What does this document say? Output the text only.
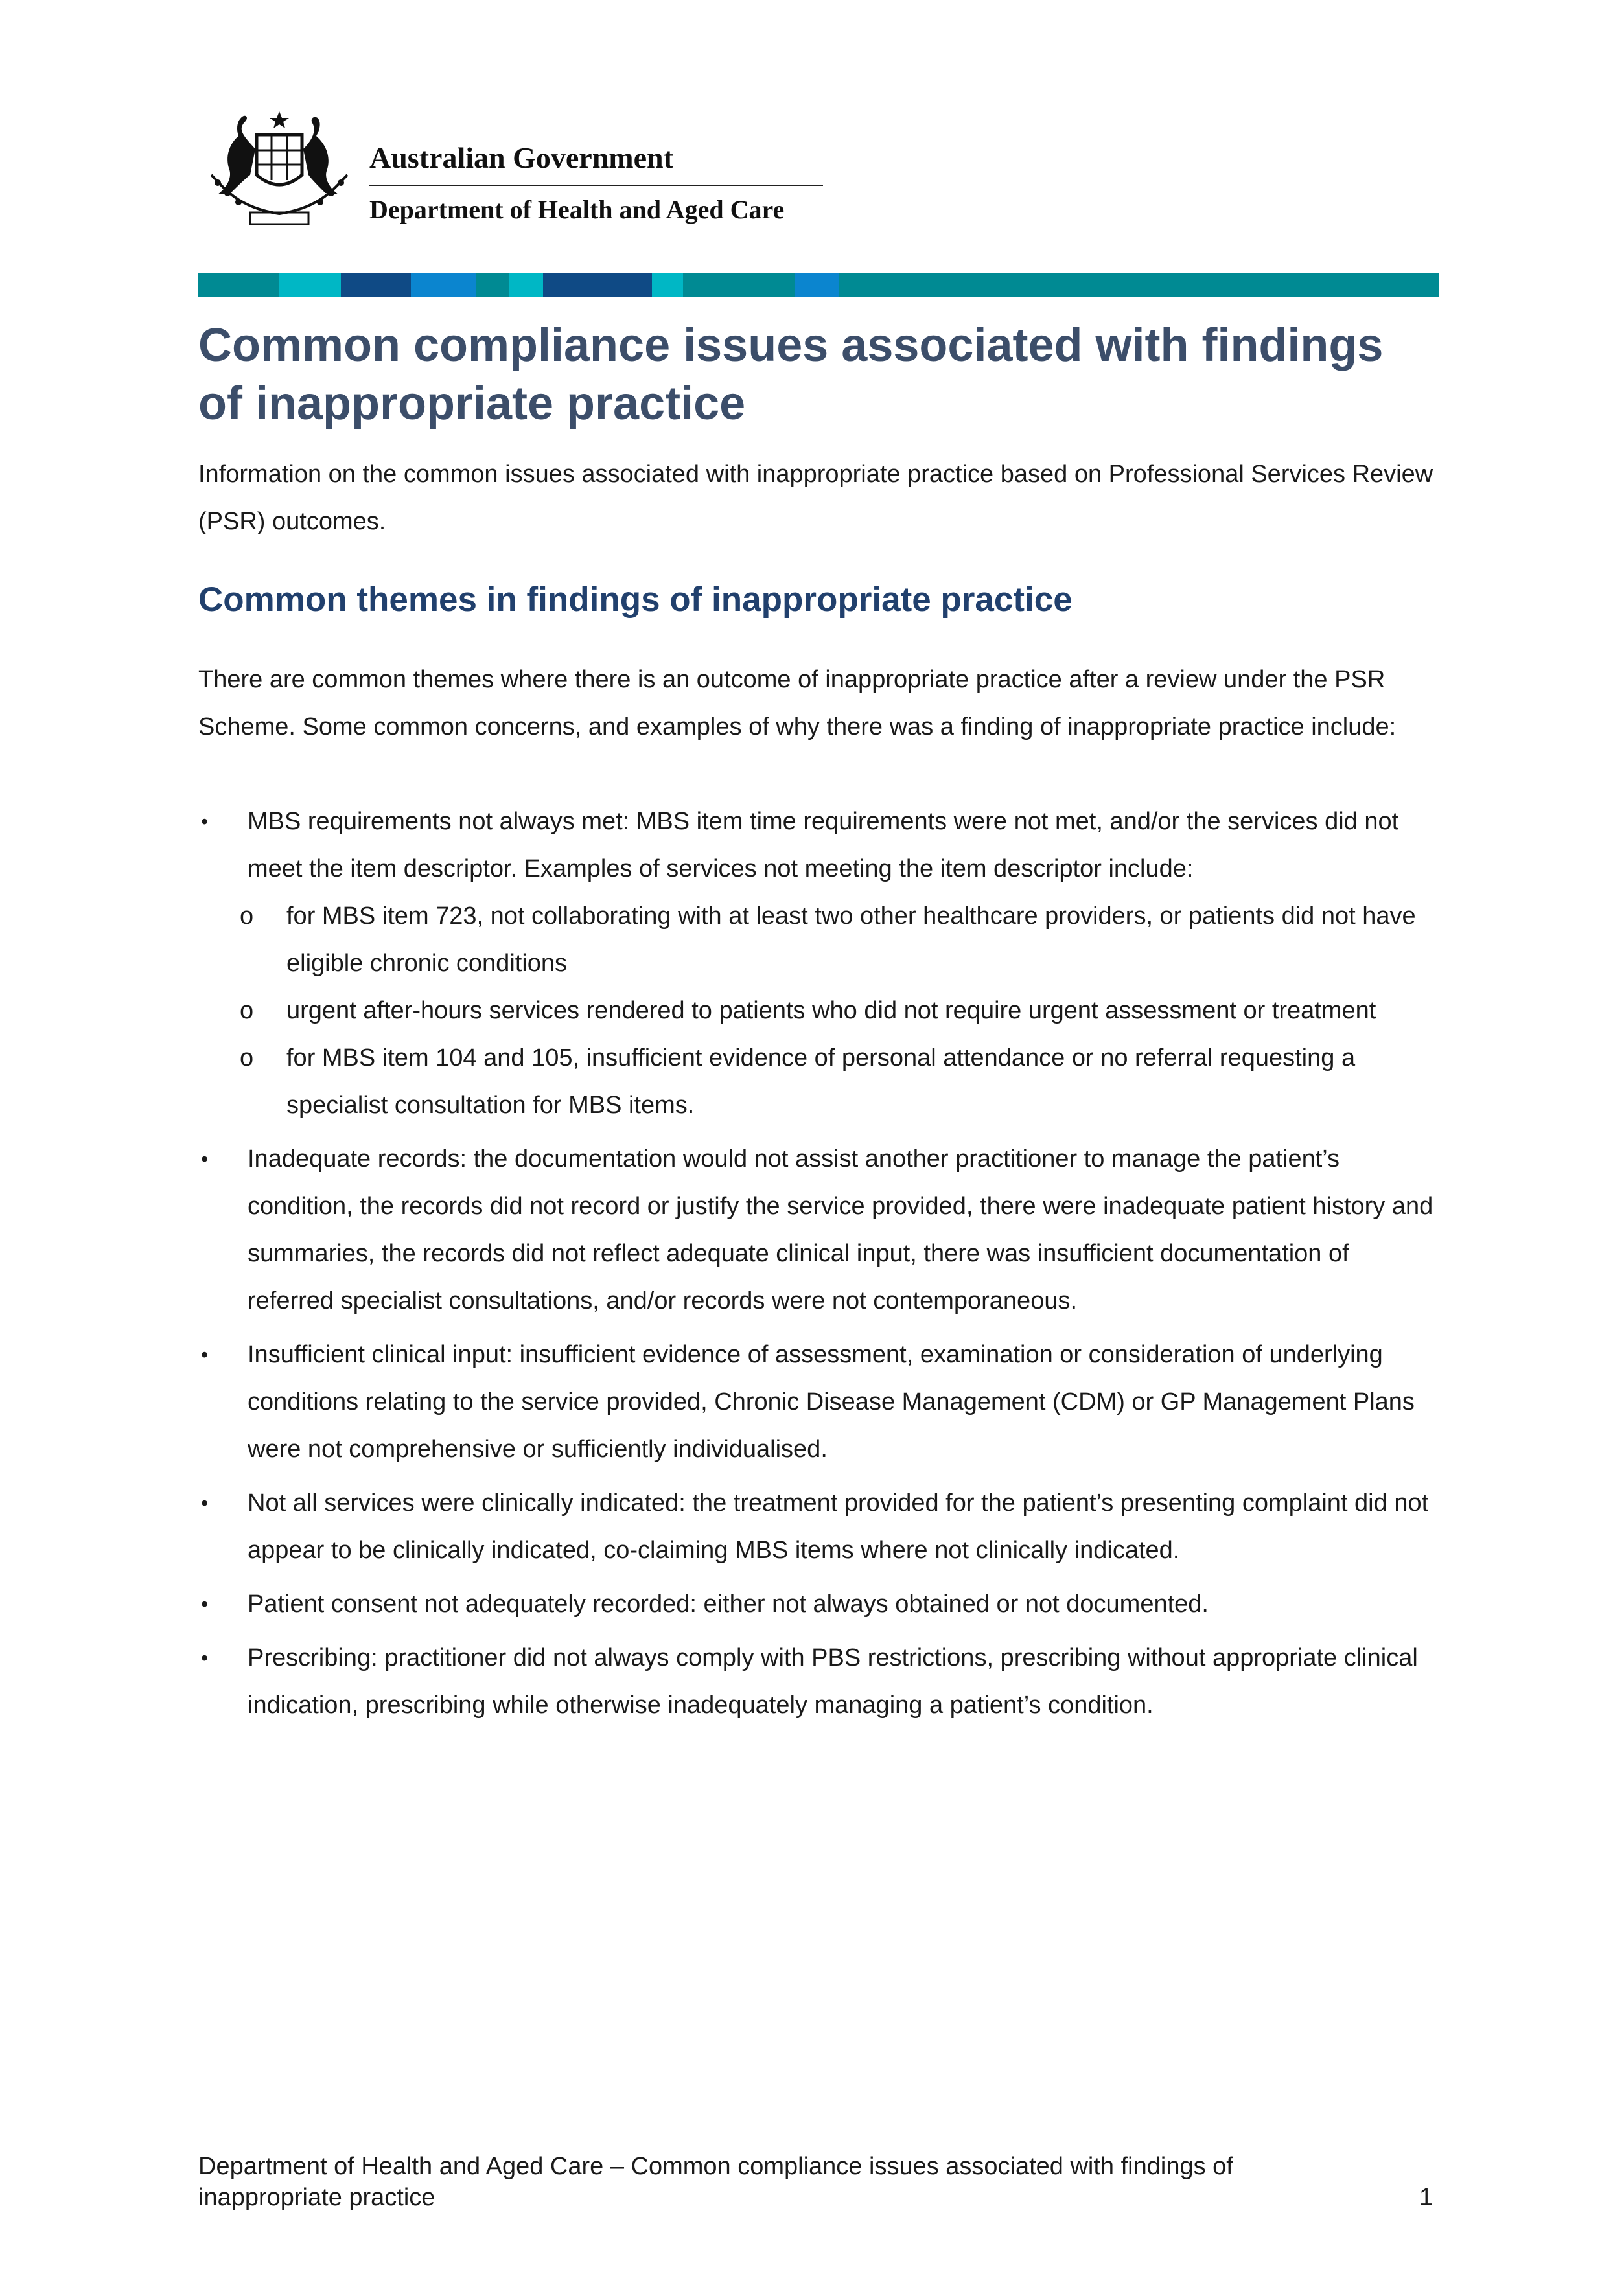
Australian Government
Department of Health and Aged Care
Common compliance issues associated with findings of inappropriate practice

Information on the common issues associated with inappropriate practice based on Professional Services Review (PSR) outcomes.

Common themes in findings of inappropriate practice

There are common themes where there is an outcome of inappropriate practice after a review under the PSR Scheme. Some common concerns, and examples of why there was a finding of inappropriate practice include:

• MBS requirements not always met: MBS item time requirements were not met, and/or the services did not meet the item descriptor. Examples of services not meeting the item descriptor include:
o for MBS item 723, not collaborating with at least two other healthcare providers, or patients did not have eligible chronic conditions
o urgent after-hours services rendered to patients who did not require urgent assessment or treatment
o for MBS item 104 and 105, insufficient evidence of personal attendance or no referral requesting a specialist consultation for MBS items.
• Inadequate records: the documentation would not assist another practitioner to manage the patient’s condition, the records did not record or justify the service provided, there were inadequate patient history and summaries, the records did not reflect adequate clinical input, there was insufficient documentation of referred specialist consultations, and/or records were not contemporaneous.
• Insufficient clinical input: insufficient evidence of assessment, examination or consideration of underlying conditions relating to the service provided, Chronic Disease Management (CDM) or GP Management Plans were not comprehensive or sufficiently individualised.
• Not all services were clinically indicated: the treatment provided for the patient’s presenting complaint did not appear to be clinically indicated, co-claiming MBS items where not clinically indicated.
• Patient consent not adequately recorded: either not always obtained or not documented.
• Prescribing: practitioner did not always comply with PBS restrictions, prescribing without appropriate clinical indication, prescribing while otherwise inadequately managing a patient’s condition.

Department of Health and Aged Care – Common compliance issues associated with findings of inappropriate practice	1
